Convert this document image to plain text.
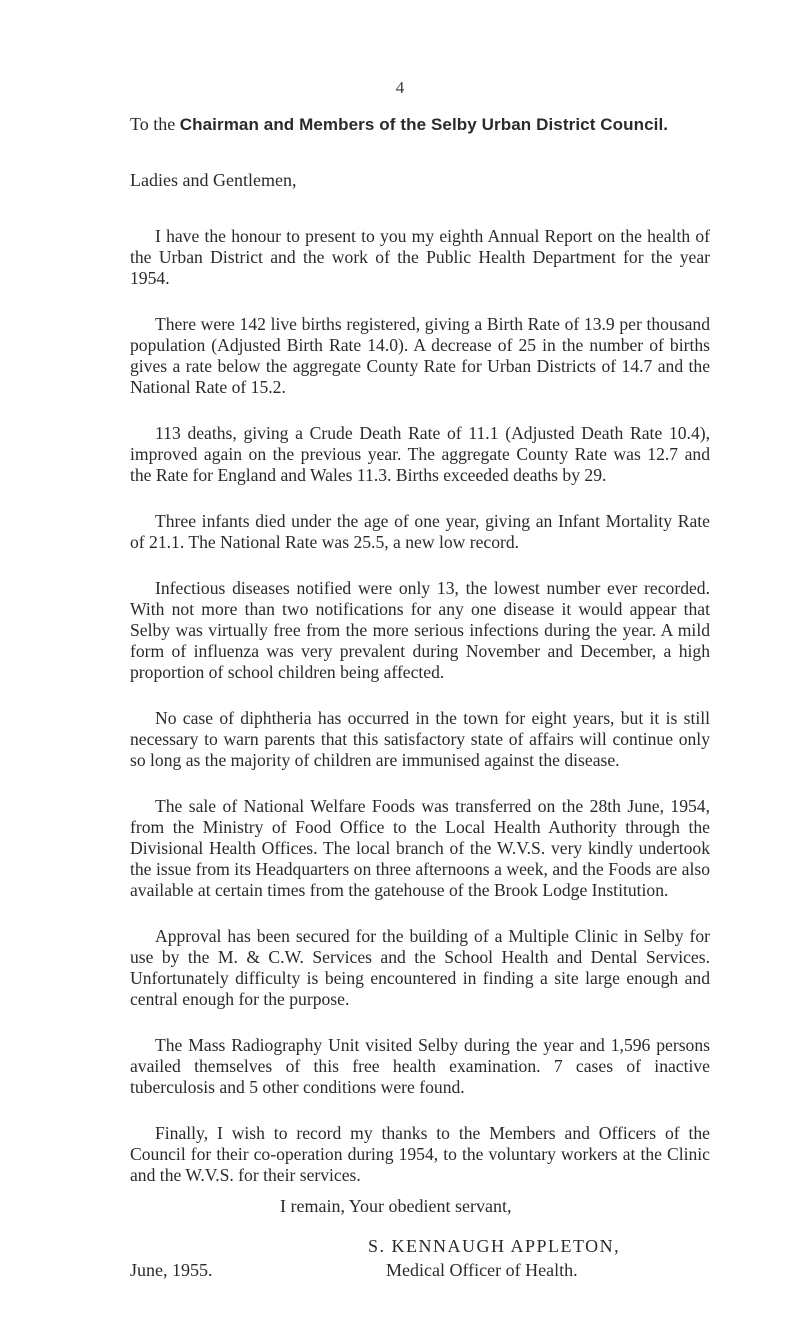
4
To the Chairman and Members of the Selby Urban District Council.
Ladies and Gentlemen,

I have the honour to present to you my eighth Annual Report on the health of the Urban District and the work of the Public Health Department for the year 1954.

There were 142 live births registered, giving a Birth Rate of 13.9 per thousand population (Adjusted Birth Rate 14.0). A decrease of 25 in the number of births gives a rate below the aggregate County Rate for Urban Districts of 14.7 and the National Rate of 15.2.

113 deaths, giving a Crude Death Rate of 11.1 (Adjusted Death Rate 10.4), improved again on the previous year. The aggregate County Rate was 12.7 and the Rate for England and Wales 11.3. Births exceeded deaths by 29.

Three infants died under the age of one year, giving an Infant Mortality Rate of 21.1. The National Rate was 25.5, a new low record.

Infectious diseases notified were only 13, the lowest number ever recorded. With not more than two notifications for any one disease it would appear that Selby was virtually free from the more serious infections during the year. A mild form of influenza was very prevalent during November and December, a high proportion of school children being affected.

No case of diphtheria has occurred in the town for eight years, but it is still necessary to warn parents that this satisfactory state of affairs will continue only so long as the majority of children are immunised against the disease.

The sale of National Welfare Foods was transferred on the 28th June, 1954, from the Ministry of Food Office to the Local Health Authority through the Divisional Health Offices. The local branch of the W.V.S. very kindly undertook the issue from its Headquarters on three afternoons a week, and the Foods are also available at certain times from the gatehouse of the Brook Lodge Institution.

Approval has been secured for the building of a Multiple Clinic in Selby for use by the M. & C.W. Services and the School Health and Dental Services. Unfortunately difficulty is being encountered in finding a site large enough and central enough for the purpose.

The Mass Radiography Unit visited Selby during the year and 1,596 persons availed themselves of this free health examination. 7 cases of inactive tuberculosis and 5 other conditions were found.

Finally, I wish to record my thanks to the Members and Officers of the Council for their co-operation during 1954, to the voluntary workers at the Clinic and the W.V.S. for their services.

I remain, Your obedient servant,
S. KENNAUGH APPLETON,
June, 1955.	Medical Officer of Health.
